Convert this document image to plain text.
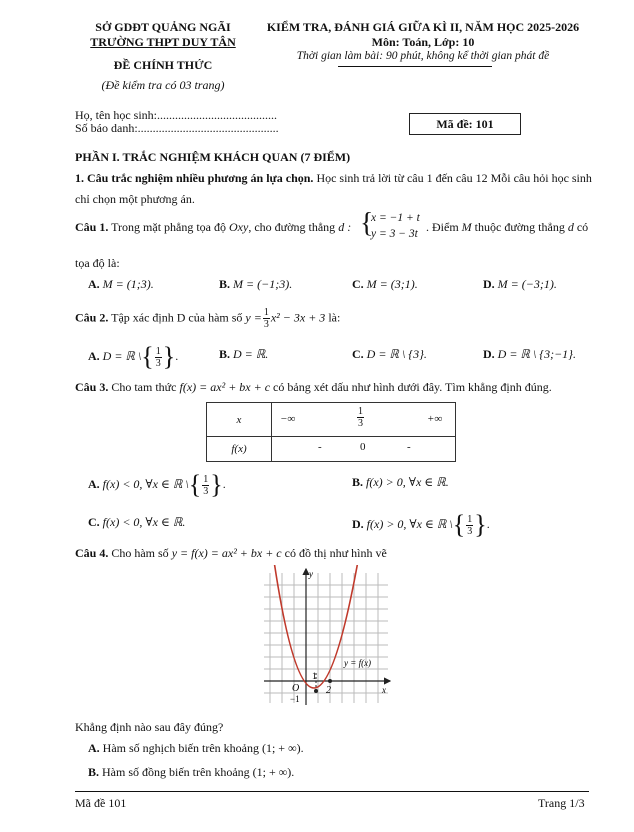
SỞ GDĐT QUẢNG NGÃI
TRƯỜNG THPT DUY TÂN
ĐỀ CHÍNH THỨC
(Đề kiểm tra có 03 trang)
KIỂM TRA, ĐÁNH GIÁ GIỮA KÌ II, NĂM HỌC 2025-2026
Môn: Toán, Lớp: 10
Thời gian làm bài: 90 phút, không kể thời gian phát đề
Họ, tên học sinh:........................................
Số báo danh:...............................................	Mã đề: 101
PHẦN I. TRẮC NGHIỆM KHÁCH QUAN (7 ĐIỂM)
1. Câu trắc nghiệm nhiều phương án lựa chọn. Học sinh trả lời từ câu 1 đến câu 12 Mỗi câu hỏi học sinh
chỉ chọn một phương án.
Câu 1. Trong mặt phẳng tọa độ Oxy, cho đường thẳng d : {
x = −1 + t
y = 3 − 3t . Điểm M thuộc đường thẳng d có
tọa độ là:
A. M = (1;3).	B. M = (−1;3).	C. M = (3;1).	D. M = (−3;1).
Câu 2. Tập xác định D của hàm số $y = \frac{1}{3} x^2 - 3x + 3$ là:
A. D = ℝ \{ $\frac{1}{3}$ }.	B. D = ℝ.	C. D = ℝ \ {3}.	D. D = ℝ \ {3;−1}.
Câu 3. Cho tam thức f(x) = ax² + bx + c có bảng xét dấu như hình dưới đây. Tìm khẳng định đúng.
x	−∞ $\frac{1}{3}$ +∞

f(x)	- 0 -
A. f(x) < 0, ∀x ∈ ℝ \{ $\frac{1}{3}$ }.	B. f(x) > 0, ∀x ∈ ℝ.
C. f(x) < 0, ∀x ∈ ℝ.	D. f(x) > 0, ∀x ∈ ℝ \{ $\frac{1}{3}$ }.
Câu 4. Cho hàm số y = f(x) = ax² + bx + c có đồ thị như hình vẽ
y
x
O
1
2
−1
y = f(x)
Khẳng định nào sau đây đúng?
A. Hàm số nghịch biến trên khoảng (1; + ∞).
B. Hàm số đồng biến trên khoảng (1; + ∞).
Mã đề 101	Trang 1/3
